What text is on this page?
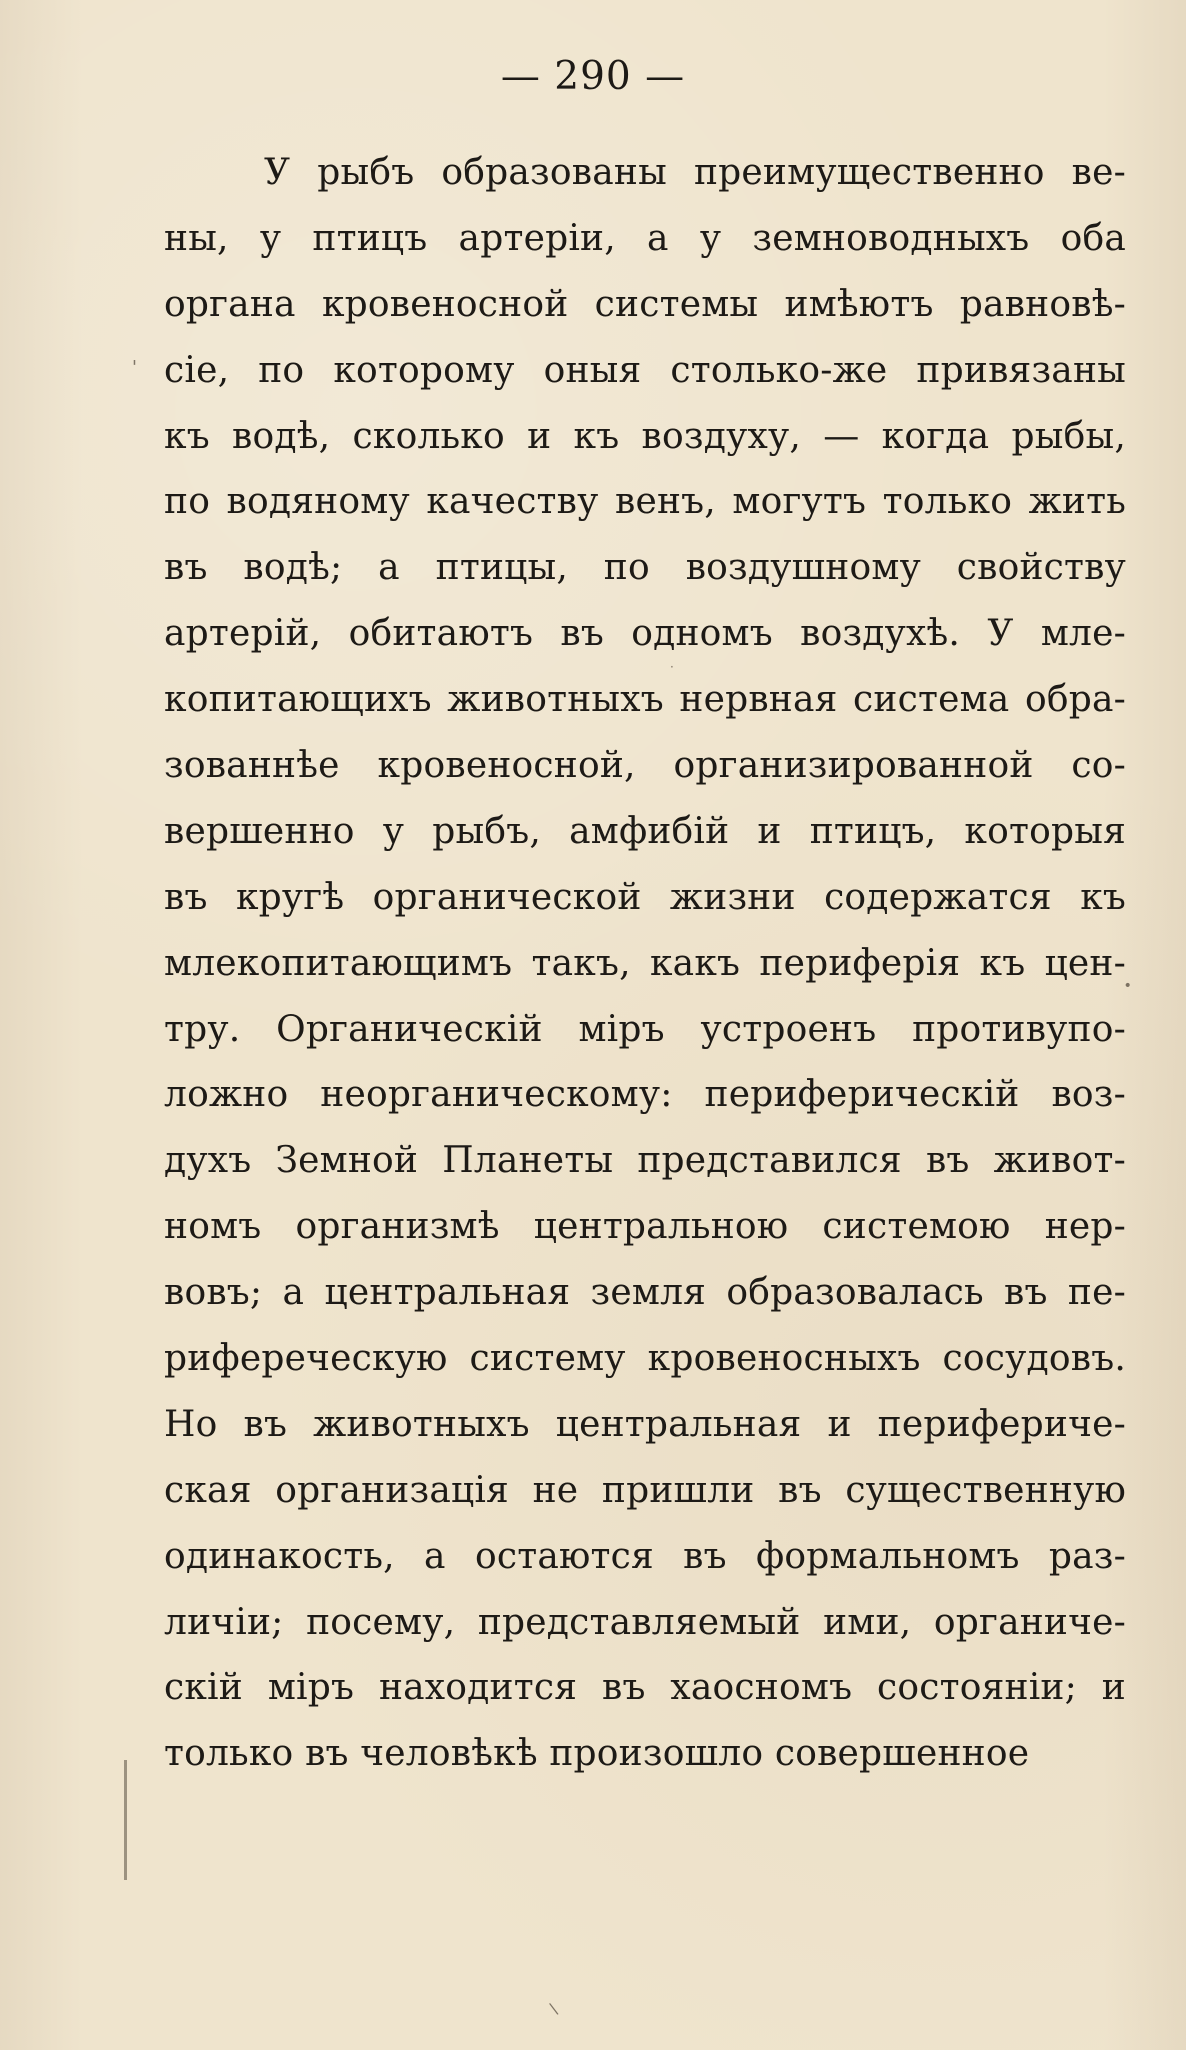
— 290 —
У рыбъ образованы преимущественно ве-
ны, у птицъ артеріи, а у земноводныхъ оба
органа кровеносной системы имѣютъ равновѣ-
сіе, по которому оныя столько-же привязаны
къ водѣ, сколько и къ воздуху, — когда рыбы,
по водяному качеству венъ, могутъ только жить
въ водѣ; а птицы, по воздушному свойству
артерій, обитаютъ въ одномъ воздухѣ. У мле-
копитающихъ животныхъ нервная система обра-
зованнѣе кровеносной, организированной со-
вершенно у рыбъ, амфибій и птицъ, которыя
въ кругѣ органической жизни содержатся къ
млекопитающимъ такъ, какъ периферія къ цен-
тру. Органическій міръ устроенъ противупо-
ложно неорганическому: периферическій воз-
духъ Земной Планеты представился въ живот-
номъ организмѣ центральною системою нер-
вовъ; а центральная земля образовалась въ пе-
рифереческую систему кровеносныхъ сосудовъ.
Но въ животныхъ центральная и перифериче-
ская организація не пришли въ существенную
одинакость, а остаются въ формальномъ раз-
личіи; посему, представляемый ими, органиче-
скій міръ находится въ хаосномъ состояніи; и
только въ человѣкѣ произошло совершенное
'
•
·
\
